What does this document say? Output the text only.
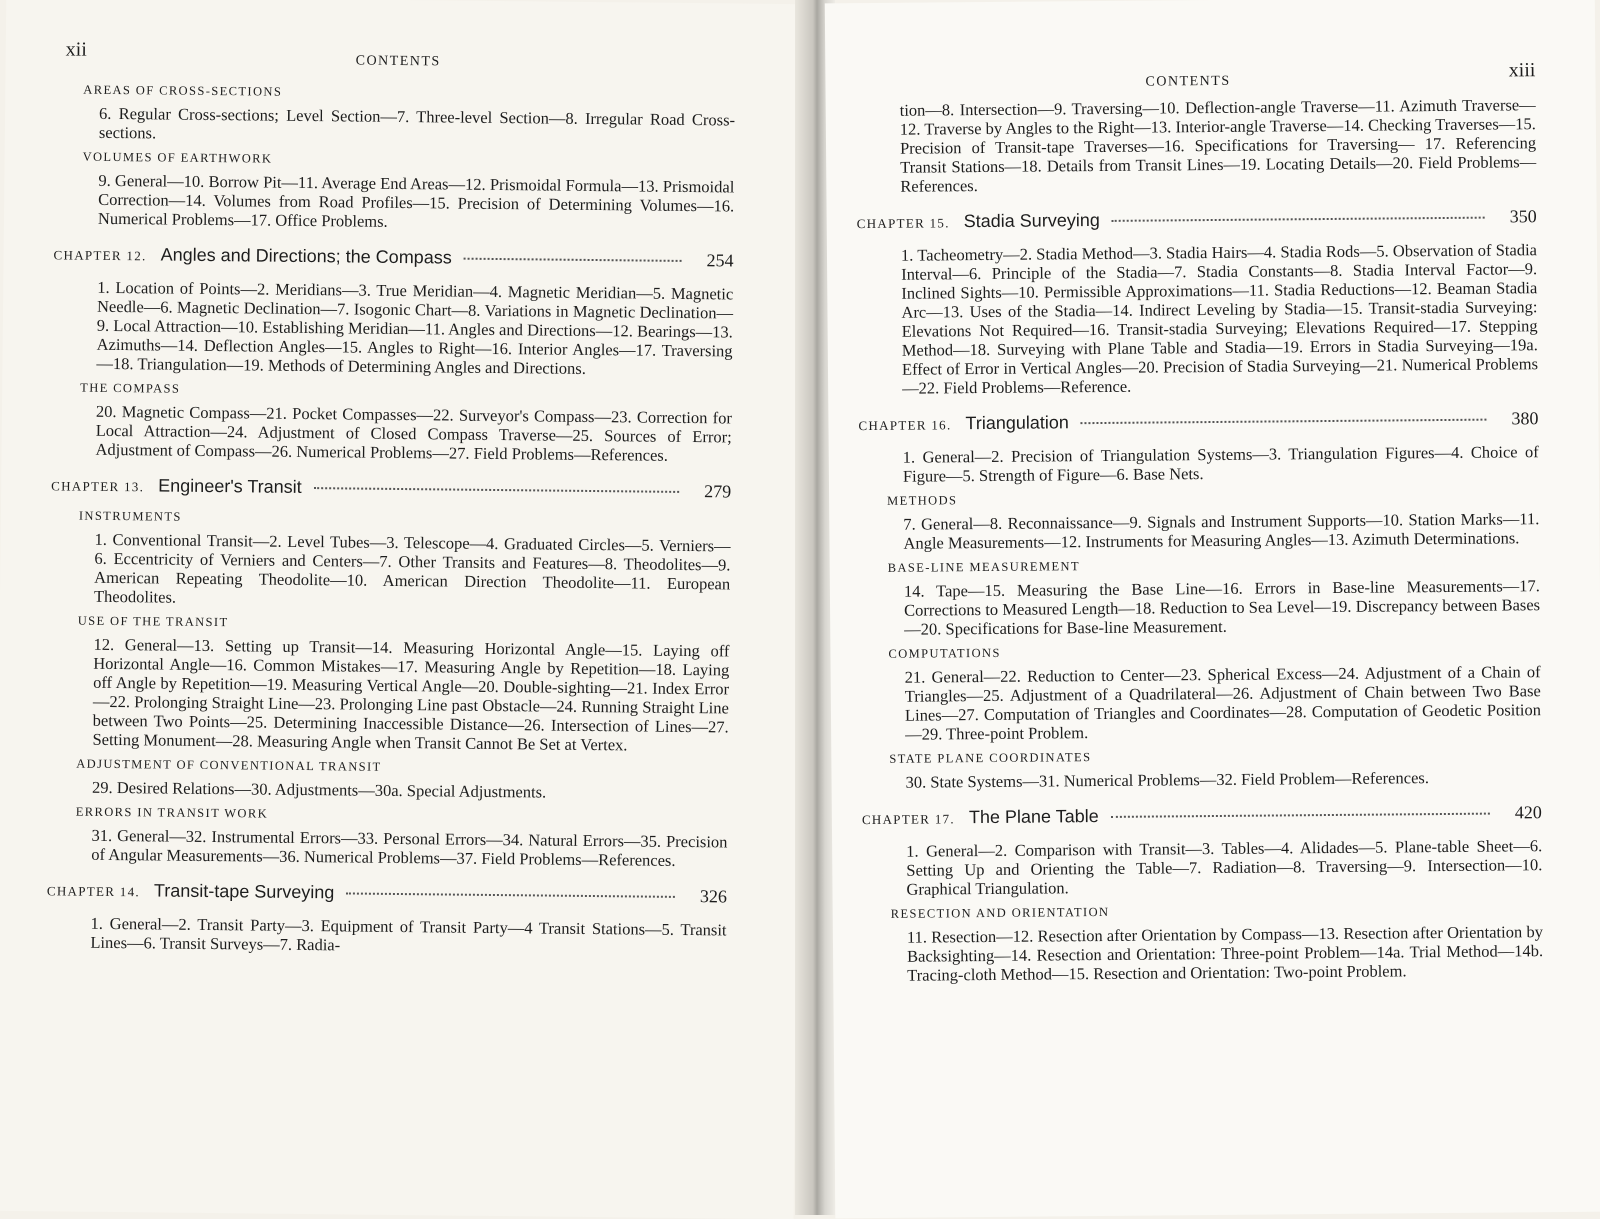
xii
CONTENTS
AREAS OF CROSS-SECTIONS
6. Regular Cross-sections; Level Section—7. Three-level Section—8. Irregular Road Cross-sections.
VOLUMES OF EARTHWORK
9. General—10. Borrow Pit—11. Average End Areas—12. Prismoidal Formula—13. Prismoidal Correction—14. Volumes from Road Profiles—15. Precision of Determining Volumes—16. Numerical Problems—17. Office Problems.
CHAPTER 12. Angles and Directions; the Compass	254
1. Location of Points—2. Meridians—3. True Meridian—4. Magnetic Meridian—5. Magnetic Needle—6. Magnetic Declination—7. Isogonic Chart—8. Variations in Magnetic Declination—9. Local Attraction—10. Establishing Meridian—11. Angles and Directions—12. Bearings—13. Azimuths—14. Deflection Angles—15. Angles to Right—16. Interior Angles—17. Traversing—18. Triangulation—19. Methods of Determining Angles and Directions.
THE COMPASS
20. Magnetic Compass—21. Pocket Compasses—22. Surveyor's Compass—23. Correction for Local Attraction—24. Adjustment of Closed Compass Traverse—25. Sources of Error; Adjustment of Compass—26. Numerical Problems—27. Field Problems—References.
CHAPTER 13. Engineer's Transit	279
INSTRUMENTS
1. Conventional Transit—2. Level Tubes—3. Telescope—4. Graduated Circles—5. Verniers—6. Eccentricity of Verniers and Centers—7. Other Transits and Features—8. Theodolites—9. American Repeating Theodolite—10. American Direction Theodolite—11. European Theodolites.
USE OF THE TRANSIT
12. General—13. Setting up Transit—14. Measuring Horizontal Angle—15. Laying off Horizontal Angle—16. Common Mistakes—17. Measuring Angle by Repetition—18. Laying off Angle by Repetition—19. Measuring Vertical Angle—20. Double-sighting—21. Index Error—22. Prolonging Straight Line—23. Prolonging Line past Obstacle—24. Running Straight Line between Two Points—25. Determining Inaccessible Distance—26. Intersection of Lines—27. Setting Monument—28. Measuring Angle when Transit Cannot Be Set at Vertex.
ADJUSTMENT OF CONVENTIONAL TRANSIT
29. Desired Relations—30. Adjustments—30a. Special Adjustments.
ERRORS IN TRANSIT WORK
31. General—32. Instrumental Errors—33. Personal Errors—34. Natural Errors—35. Precision of Angular Measurements—36. Numerical Problems—37. Field Problems—References.
CHAPTER 14. Transit-tape Surveying	326
1. General—2. Transit Party—3. Equipment of Transit Party—4 Transit Stations—5. Transit Lines—6. Transit Surveys—7. Radia-
CONTENTS
xiii
tion—8. Intersection—9. Traversing—10. Deflection-angle Traverse—11. Azimuth Traverse—12. Traverse by Angles to the Right—13. Interior-angle Traverse—14. Checking Traverses—15. Precision of Transit-tape Traverses—16. Specifications for Traversing— 17. Referencing Transit Stations—18. Details from Transit Lines—19. Locating Details—20. Field Problems—References.
CHAPTER 15. Stadia Surveying	350
1. Tacheometry—2. Stadia Method—3. Stadia Hairs—4. Stadia Rods—5. Observation of Stadia Interval—6. Principle of the Stadia—7. Stadia Constants—8. Stadia Interval Factor—9. Inclined Sights—10. Permissible Approximations—11. Stadia Reductions—12. Beaman Stadia Arc—13. Uses of the Stadia—14. Indirect Leveling by Stadia—15. Transit-stadia Surveying: Elevations Not Required—16. Transit-stadia Surveying; Elevations Required—17. Stepping Method—18. Surveying with Plane Table and Stadia—19. Errors in Stadia Surveying—19a. Effect of Error in Vertical Angles—20. Precision of Stadia Surveying—21. Numerical Problems—22. Field Problems—Reference.
CHAPTER 16. Triangulation	380
1. General—2. Precision of Triangulation Systems—3. Triangulation Figures—4. Choice of Figure—5. Strength of Figure—6. Base Nets.
METHODS
7. General—8. Reconnaissance—9. Signals and Instrument Supports—10. Station Marks—11. Angle Measurements—12. Instruments for Measuring Angles—13. Azimuth Determinations.
BASE-LINE MEASUREMENT
14. Tape—15. Measuring the Base Line—16. Errors in Base-line Measurements—17. Corrections to Measured Length—18. Reduction to Sea Level—19. Discrepancy between Bases—20. Specifications for Base-line Measurement.
COMPUTATIONS
21. General—22. Reduction to Center—23. Spherical Excess—24. Adjustment of a Chain of Triangles—25. Adjustment of a Quadrilateral—26. Adjustment of Chain between Two Base Lines—27. Computation of Triangles and Coordinates—28. Computation of Geodetic Position—29. Three-point Problem.
STATE PLANE COORDINATES
30. State Systems—31. Numerical Problems—32. Field Problem—References.
CHAPTER 17. The Plane Table	420
1. General—2. Comparison with Transit—3. Tables—4. Alidades—5. Plane-table Sheet—6. Setting Up and Orienting the Table—7. Radiation—8. Traversing—9. Intersection—10. Graphical Triangulation.
RESECTION AND ORIENTATION
11. Resection—12. Resection after Orientation by Compass—13. Resection after Orientation by Backsighting—14. Resection and Orientation: Three-point Problem—14a. Trial Method—14b. Tracing-cloth Method—15. Resection and Orientation: Two-point Problem.
